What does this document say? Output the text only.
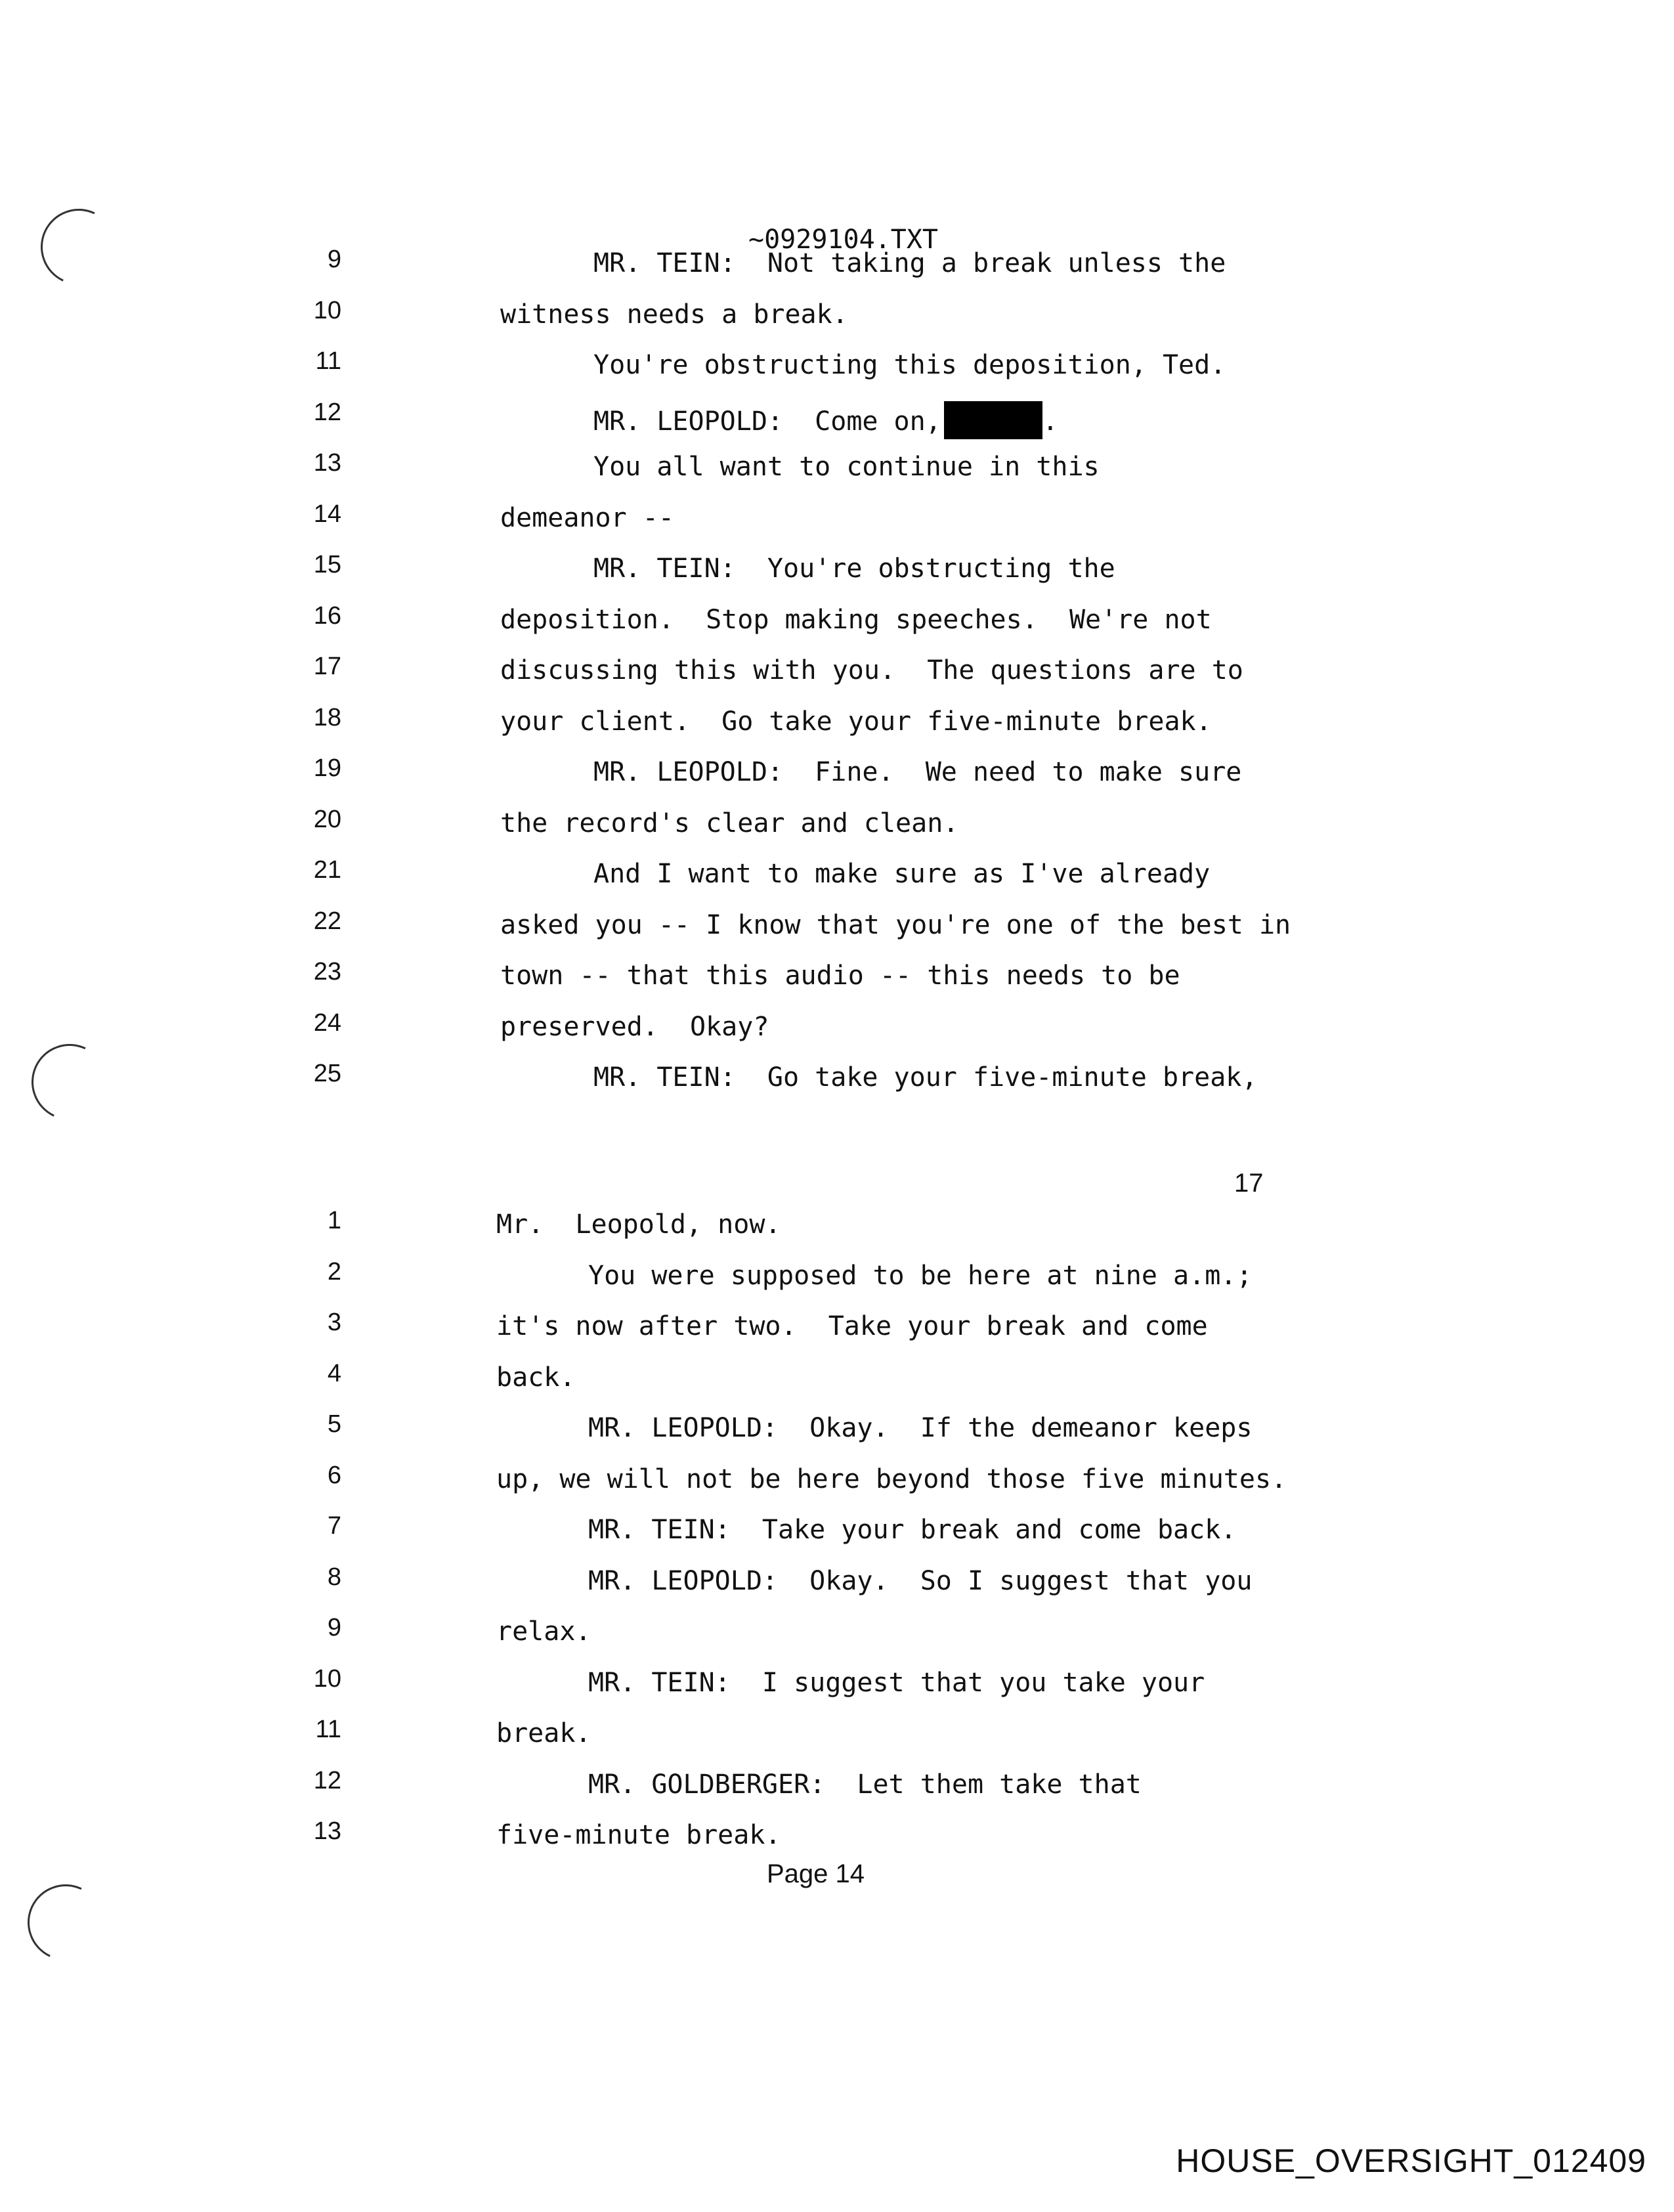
~0929104.TXT
9	MR. TEIN:  Not taking a break unless the
10	witness needs a break.
11	You're obstructing this deposition, Ted.
12	MR. LEOPOLD:  Come on,	.
13	You all want to continue in this
14	demeanor --
15	MR. TEIN:  You're obstructing the
16	deposition.  Stop making speeches.  We're not
17	discussing this with you.  The questions are to
18	your client.  Go take your five-minute break.
19	MR. LEOPOLD:  Fine.  We need to make sure
20	the record's clear and clean.
21	And I want to make sure as I've already
22	asked you -- I know that you're one of the best in
23	town -- that this audio -- this needs to be
24	preserved.  Okay?
25	MR. TEIN:  Go take your five-minute break,
17
1	Mr.  Leopold, now.
2	You were supposed to be here at nine a.m.;
3	it's now after two.  Take your break and come
4	back.
5	MR. LEOPOLD:  Okay.  If the demeanor keeps
6	up, we will not be here beyond those five minutes.
7	MR. TEIN:  Take your break and come back.
8	MR. LEOPOLD:  Okay.  So I suggest that you
9	relax.
10	MR. TEIN:  I suggest that you take your
11	break.
12	MR. GOLDBERGER:  Let them take that
13	five-minute break.
Page 14
HOUSE_OVERSIGHT_012409
